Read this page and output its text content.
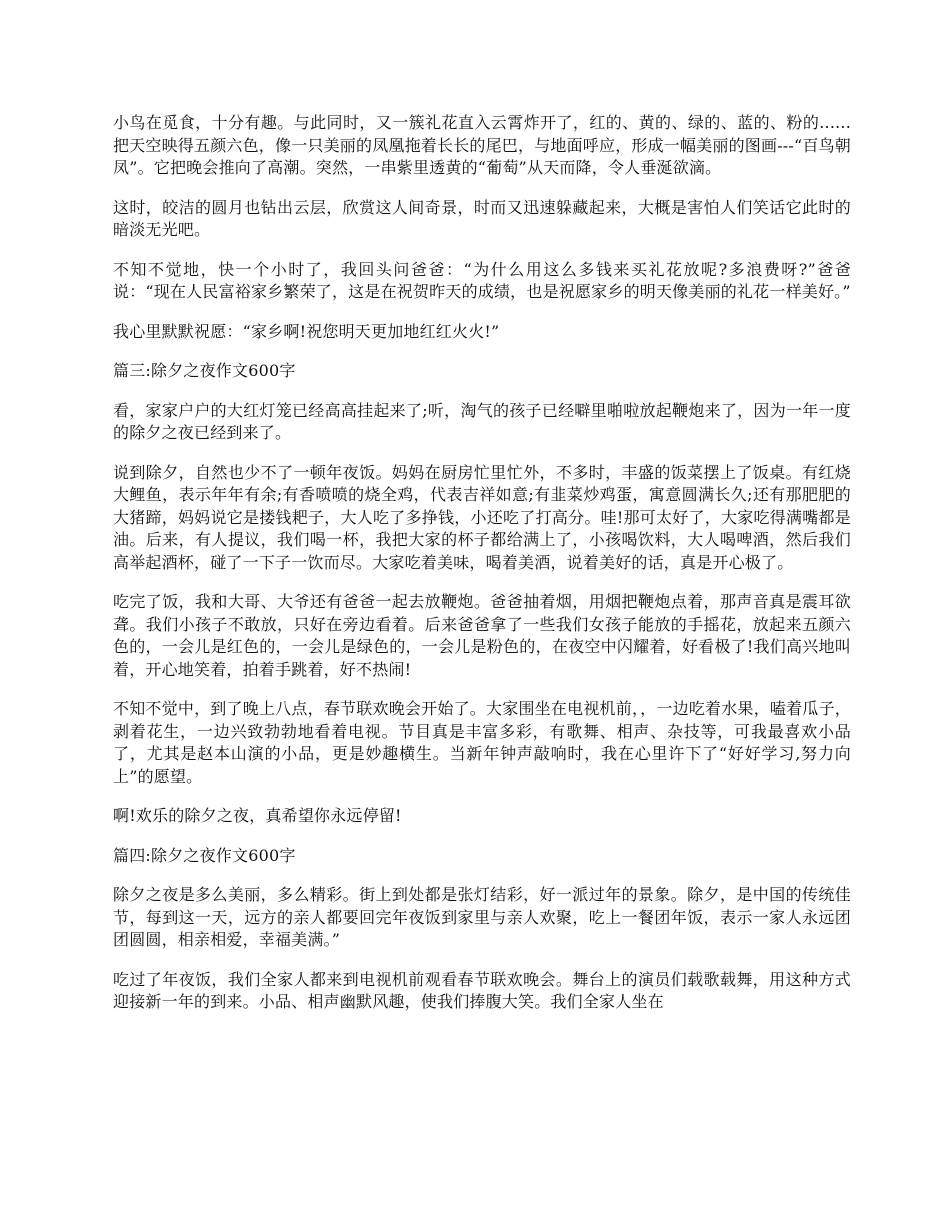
小鸟在觅食，十分有趣。与此同时，又一簇礼花直入云霄炸开了，红的、黄的、绿的、蓝的、粉的......把天空映得五颜六色，像一只美丽的凤凰拖着长长的尾巴，与地面呼应，形成一幅美丽的图画---“百鸟朝凤”。它把晚会推向了高潮。突然，一串紫里透黄的“葡萄”从天而降，令人垂涎欲滴。

这时，皎洁的圆月也钻出云层，欣赏这人间奇景，时而又迅速躲藏起来，大概是害怕人们笑话它此时的暗淡无光吧。

不知不觉地，快一个小时了，我回头问爸爸：“为什么用这么多钱来买礼花放呢?多浪费呀?”爸爸说：“现在人民富裕家乡繁荣了，这是在祝贺昨天的成绩，也是祝愿家乡的明天像美丽的礼花一样美好。”

我心里默默祝愿：“家乡啊!祝您明天更加地红红火火!”

篇三:除夕之夜作文600字

看，家家户户的大红灯笼已经高高挂起来了;听，淘气的孩子已经噼里啪啦放起鞭炮来了，因为一年一度的除夕之夜已经到来了。

说到除夕，自然也少不了一顿年夜饭。妈妈在厨房忙里忙外，不多时，丰盛的饭菜摆上了饭桌。有红烧大鲤鱼，表示年年有余;有香喷喷的烧全鸡，代表吉祥如意;有韭菜炒鸡蛋，寓意圆满长久;还有那肥肥的大猪蹄，妈妈说它是搂钱耙子，大人吃了多挣钱，小还吃了打高分。哇!那可太好了，大家吃得满嘴都是油。后来，有人提议，我们喝一杯，我把大家的杯子都给满上了，小孩喝饮料，大人喝啤酒，然后我们高举起酒杯，碰了一下子一饮而尽。大家吃着美味，喝着美酒，说着美好的话，真是开心极了。

吃完了饭，我和大哥、大爷还有爸爸一起去放鞭炮。爸爸抽着烟，用烟把鞭炮点着，那声音真是震耳欲聋。我们小孩子不敢放，只好在旁边看着。后来爸爸拿了一些我们女孩子能放的手摇花，放起来五颜六色的，一会儿是红色的，一会儿是绿色的，一会儿是粉色的，在夜空中闪耀着，好看极了!我们高兴地叫着，开心地笑着，拍着手跳着，好不热闹!

不知不觉中，到了晚上八点，春节联欢晚会开始了。大家围坐在电视机前，，一边吃着水果，嗑着瓜子，剥着花生，一边兴致勃勃地看着电视。节目真是丰富多彩，有歌舞、相声、杂技等，可我最喜欢小品了，尤其是赵本山演的小品，更是妙趣横生。当新年钟声敲响时，我在心里许下了“好好学习,努力向上”的愿望。

啊!欢乐的除夕之夜，真希望你永远停留!

篇四:除夕之夜作文600字

除夕之夜是多么美丽，多么精彩。街上到处都是张灯结彩，好一派过年的景象。除夕，是中国的传统佳节，每到这一天，远方的亲人都要回完年夜饭到家里与亲人欢聚，吃上一餐团年饭，表示一家人永远团团圆圆，相亲相爱，幸福美满。”

吃过了年夜饭，我们全家人都来到电视机前观看春节联欢晚会。舞台上的演员们载歌载舞，用这种方式迎接新一年的到来。小品、相声幽默风趣，使我们捧腹大笑。我们全家人坐在
